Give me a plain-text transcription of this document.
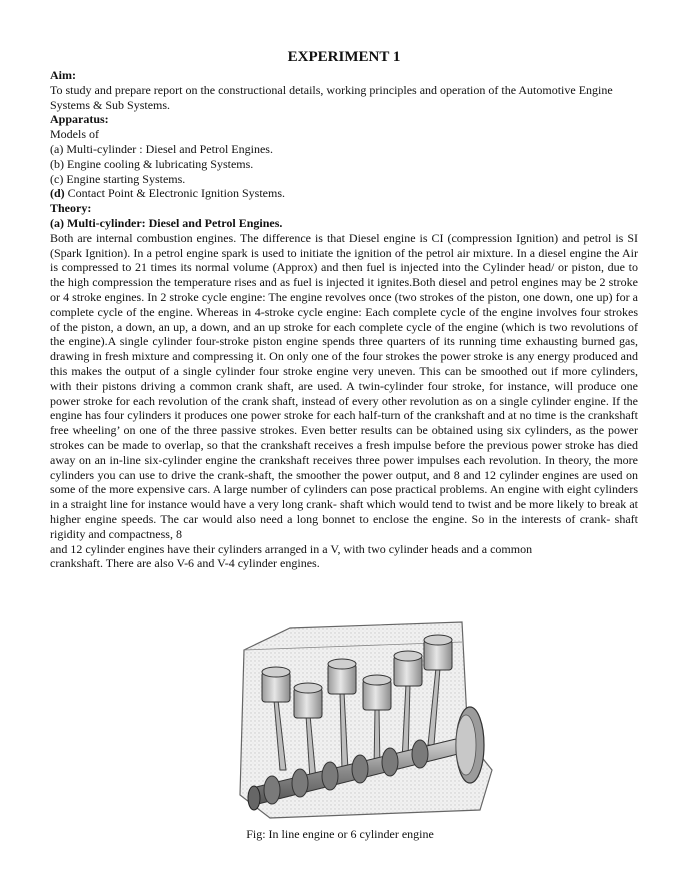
EXPERIMENT 1
Aim:
To study and prepare report on the constructional details, working principles and operation of the Automotive Engine Systems & Sub Systems.
Apparatus:
Models of
(a) Multi-cylinder : Diesel and Petrol Engines.
(b) Engine cooling & lubricating Systems.
(c) Engine starting Systems.
(d) Contact Point & Electronic Ignition Systems.
Theory:
(a) Multi-cylinder: Diesel and Petrol Engines.

Both are internal combustion engines. The difference is that Diesel engine is CI (compression Ignition) and petrol is SI (Spark Ignition). In a petrol engine spark is used to initiate the ignition of the petrol air mixture. In a diesel engine the Air is compressed to 21 times its normal volume (Approx) and then fuel is injected into the Cylinder head/ or piston, due to the high compression the temperature rises and as fuel is injected it ignites.Both diesel and petrol engines may be 2 stroke or 4 stroke engines. In 2 stroke cycle engine: The engine revolves once (two strokes of the piston, one down, one up) for a complete cycle of the engine. Whereas in 4-stroke cycle engine: Each complete cycle of the engine involves four strokes of the piston, a down, an up, a down, and an up stroke for each complete cycle of the engine (which is two revolutions of the engine).A single cylinder four-stroke piston engine spends three quarters of its running time exhausting burned gas, drawing in fresh mixture and compressing it. On only one of the four strokes the power stroke is any energy produced and this makes the output of a single cylinder four stroke engine very uneven. This can be smoothed out if more cylinders, with their pistons driving a common crank shaft, are used. A twin-cylinder four stroke, for instance, will produce one power stroke for each revolution of the crank shaft, instead of every other revolution as on a single cylinder engine. If the engine has four cylinders it produces one power stroke for each half-turn of the crankshaft and at no time is the crankshaft free wheeling’ on one of the three passive strokes. Even better results can be obtained using six cylinders, as the power strokes can be made to overlap, so that the crankshaft receives a fresh impulse before the previous power stroke has died away on an in-line six-cylinder engine the crankshaft receives three power impulses each revolution. In theory, the more cylinders you can use to drive the crank-shaft, the smoother the power output, and 8 and 12 cylinder engines are used on some of the more expensive cars. A large number of cylinders can pose practical problems. An engine with eight cylinders in a straight line for instance would have a very long crank- shaft which would tend to twist and be more likely to break at higher engine speeds. The car would also need a long bonnet to enclose the engine. So in the interests of crank- shaft rigidity and compactness, 8

and 12 cylinder engines have their cylinders arranged in a V, with two cylinder heads and a common
crankshaft. There are also V-6 and V-4 cylinder engines.
Fig: In line engine or 6 cylinder engine
